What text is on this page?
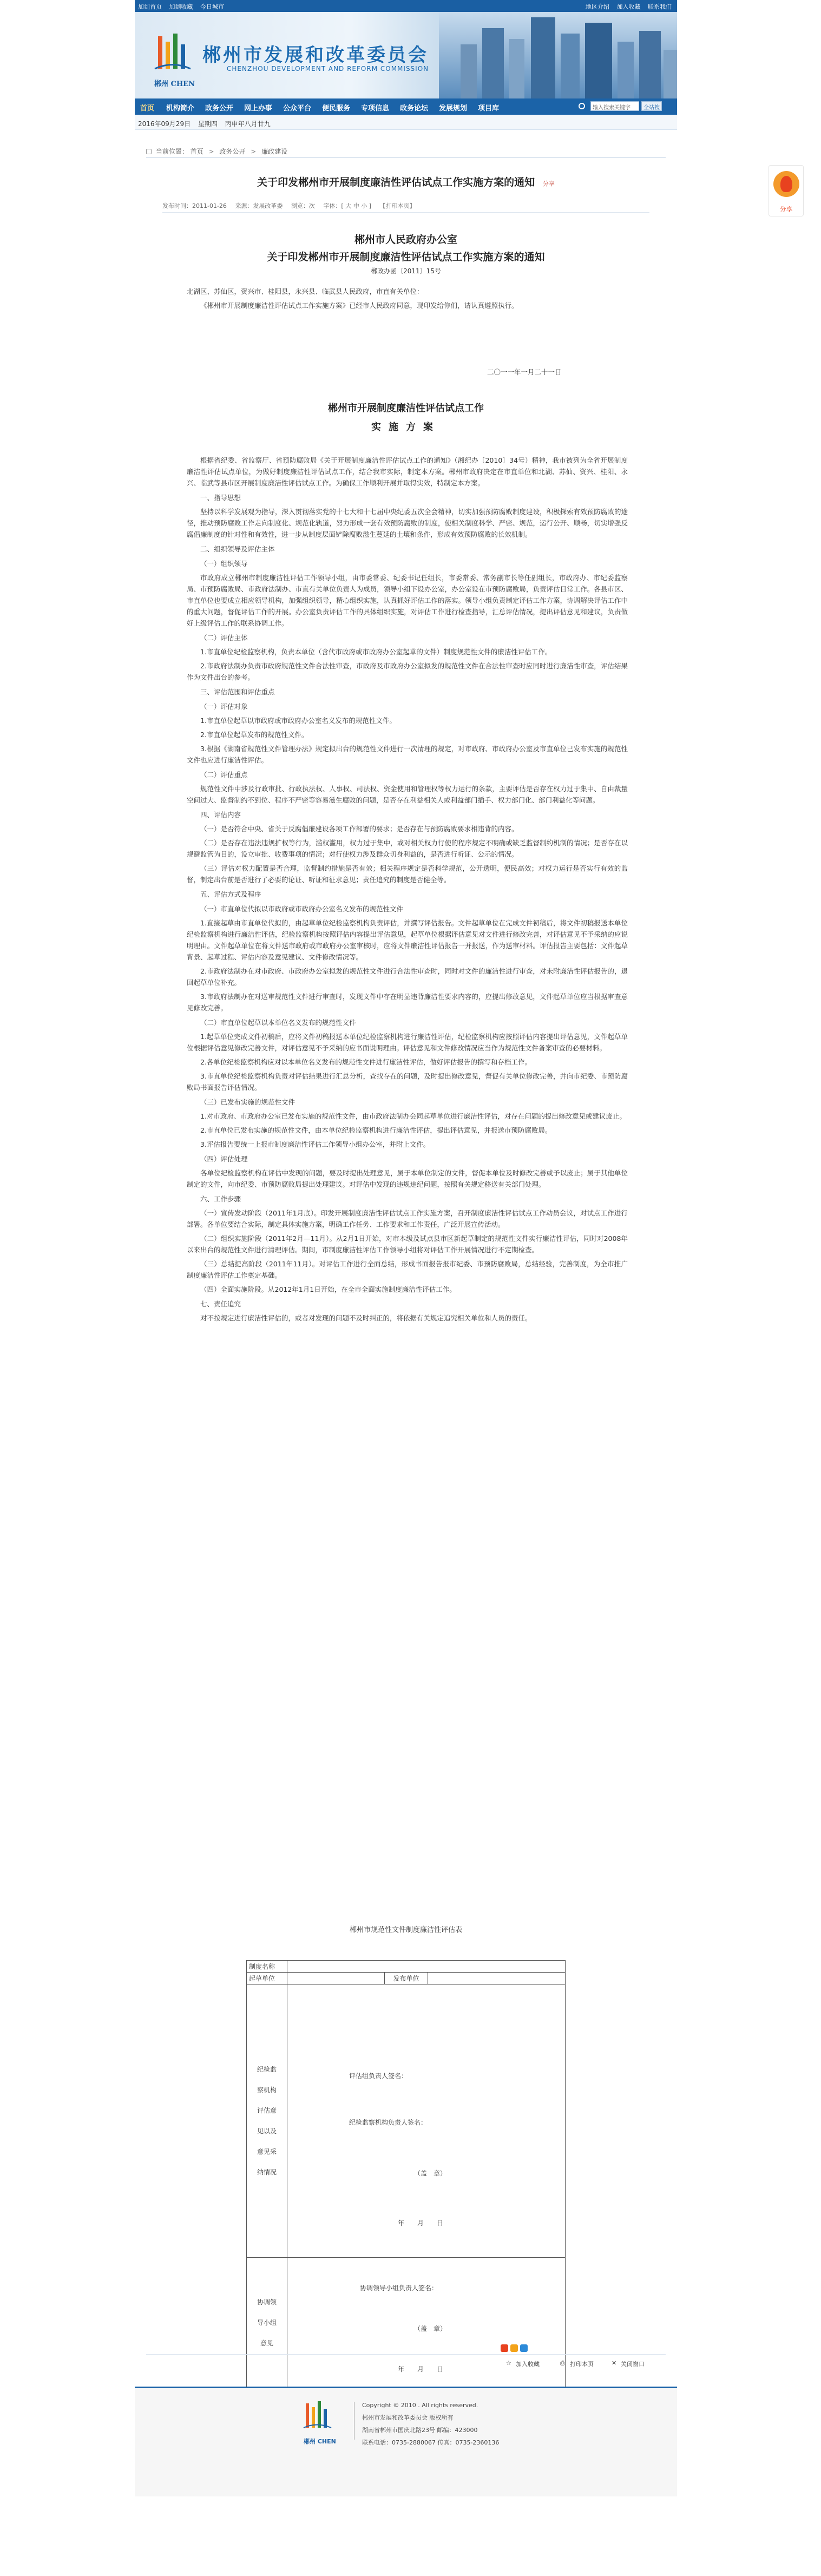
加到首页 加到收藏 今日城市	地区介绍 加入收藏 联系我们
郴州 CHEN
郴州市发展和改革委员会
CHENZHOU DEVELOPMENT AND REFORM COMMISSION
首页 机构简介 政务公开 网上办事 公众平台 便民服务 专项信息 政务论坛 发展规划 项目库	输入搜索关键字	全站搜
2016年09月29日 星期四 丙申年八月廿九
当前位置： 首页 > 政务公开 > 廉政建设
关于印发郴州市开展制度廉洁性评估试点工作实施方案的通知 分享
发布时间：2011-01-26 来源：发展改革委 浏览：次 字体：[ 大 中 小 ] 【打印本页】
郴州市人民政府办公室
关于印发郴州市开展制度廉洁性评估试点工作实施方案的通知
郴政办函〔2011〕15号

北湖区、苏仙区，资兴市、桂阳县，永兴县、临武县人民政府，市直有关单位：

《郴州市开展制度廉洁性评估试点工作实施方案》已经市人民政府同意，现印发给你们，请认真遵照执行。

二〇一一年一月二十一日
郴州市开展制度廉洁性评估试点工作
实施方案

根据省纪委、省监察厅、省预防腐败局《关于开展制度廉洁性评估试点工作的通知》（湘纪办〔2010〕34号）精神，我市被列为全省开展制度廉洁性评估试点单位，为做好制度廉洁性评估试点工作，结合我市实际，制定本方案。郴州市政府决定在市直单位和北湖、苏仙、资兴、桂阳、永兴、临武等县市区开展制度廉洁性评估试点工作。为确保工作顺利开展并取得实效，特制定本方案。

一、指导思想

坚持以科学发展观为指导，深入贯彻落实党的十七大和十七届中央纪委五次全会精神，切实加强预防腐败制度建设，积极探索有效预防腐败的途径，推动预防腐败工作走向制度化、规范化轨道，努力形成一套有效预防腐败的制度，使相关制度科学、严密、规范，运行公开、顺畅，切实增强反腐倡廉制度的针对性和有效性，进一步从制度层面铲除腐败滋生蔓延的土壤和条件，形成有效预防腐败的长效机制。

二、组织领导及评估主体

（一）组织领导

市政府成立郴州市制度廉洁性评估工作领导小组，由市委常委、纪委书记任组长，市委常委、常务副市长等任副组长，市政府办、市纪委监察局、市预防腐败局、市政府法制办、市直有关单位负责人为成员，领导小组下设办公室，办公室设在市预防腐败局，负责评估日常工作。各县市区、市直单位也要成立相应领导机构，加强组织领导，精心组织实施，认真抓好评估工作的落实。领导小组负责制定评估工作方案，协调解决评估工作中的重大问题，督促评估工作的开展。办公室负责评估工作的具体组织实施，对评估工作进行检查指导，汇总评估情况，提出评估意见和建议，负责做好上级评估工作的联系协调工作。

（二）评估主体

1.市直单位纪检监察机构，负责本单位（含代市政府或市政府办公室起草的文件）制度规范性文件的廉洁性评估工作。

2.市政府法制办负责市政府规范性文件合法性审查，市政府及市政府办公室拟发的规范性文件在合法性审查时应同时进行廉洁性审查，评估结果作为文件出台的参考。

三、评估范围和评估重点

（一）评估对象

1.市直单位起草以市政府或市政府办公室名义发布的规范性文件。

2.市直单位起草发布的规范性文件。

3.根据《湖南省规范性文件管理办法》规定拟出台的规范性文件进行一次清理的规定，对市政府、市政府办公室及市直单位已发布实施的规范性文件也应进行廉洁性评估。

（二）评估重点

规范性文件中涉及行政审批、行政执法权、人事权、司法权、资金使用和管理权等权力运行的条款，主要评估是否存在权力过于集中、自由裁量空间过大、监督制约不到位、程序不严密等容易滋生腐败的问题，是否存在利益相关人或利益部门插手、权力部门化、部门利益化等问题。

四、评估内容

（一）是否符合中央、省关于反腐倡廉建设各项工作部署的要求；是否存在与预防腐败要求相违背的内容。

（二）是否存在违法违规扩权等行为，滥权滥用，权力过于集中，或对相关权力行使的程序规定不明确或缺乏监督制约机制的情况；是否存在以规避监管为目的，设立审批、收费事项的情况；对行使权力涉及群众切身利益的，是否进行听证、公示的情况。

（三）评估对权力配置是否合理，监督制约措施是否有效；相关程序规定是否科学规范，公开透明，便民高效；对权力运行是否实行有效的监督，制定出台前是否进行了必要的论证、听证和征求意见；责任追究的制度是否健全等。

五、评估方式及程序

（一）市直单位代拟以市政府或市政府办公室名义发布的规范性文件

1.直接起草由市直单位代拟的，由起草单位纪检监察机构负责评估，并撰写评估报告。文件起草单位在完成文件初稿后，将文件初稿报送本单位纪检监察机构进行廉洁性评估，纪检监察机构按照评估内容提出评估意见，起草单位根据评估意见对文件进行修改完善，对评估意见不予采纳的应说明理由。文件起草单位在将文件送市政府或市政府办公室审核时，应将文件廉洁性评估报告一并报送，作为送审材料。评估报告主要包括：文件起草背景、起草过程、评估内容及意见建议、文件修改情况等。

2.市政府法制办在对市政府、市政府办公室拟发的规范性文件进行合法性审查时，同时对文件的廉洁性进行审查，对未附廉洁性评估报告的，退回起草单位补充。

3.市政府法制办在对送审规范性文件进行审查时，发现文件中存在明显违背廉洁性要求内容的，应提出修改意见，文件起草单位应当根据审查意见修改完善。

（二）市直单位起草以本单位名义发布的规范性文件

1.起草单位完成文件初稿后，应将文件初稿报送本单位纪检监察机构进行廉洁性评估，纪检监察机构应按照评估内容提出评估意见，文件起草单位根据评估意见修改完善文件，对评估意见不予采纳的应书面说明理由。评估意见和文件修改情况应当作为规范性文件备案审查的必要材料。

2.各单位纪检监察机构应对以本单位名义发布的规范性文件进行廉洁性评估，做好评估报告的撰写和存档工作。

3.市直单位纪检监察机构负责对评估结果进行汇总分析，查找存在的问题，及时提出修改意见，督促有关单位修改完善，并向市纪委、市预防腐败局书面报告评估情况。

（三）已发布实施的规范性文件

1.对市政府、市政府办公室已发布实施的规范性文件，由市政府法制办会同起草单位进行廉洁性评估，对存在问题的提出修改意见或建议废止。

2.市直单位已发布实施的规范性文件，由本单位纪检监察机构进行廉洁性评估，提出评估意见，并报送市预防腐败局。

3.评估报告要统一上报市制度廉洁性评估工作领导小组办公室，并附上文件。

（四）评估处理

各单位纪检监察机构在评估中发现的问题，要及时提出处理意见，属于本单位制定的文件，督促本单位及时修改完善或予以废止；属于其他单位制定的文件，向市纪委、市预防腐败局提出处理建议。对评估中发现的违规违纪问题，按照有关规定移送有关部门处理。

六、工作步骤

（一）宣传发动阶段（2011年1月底）。印发开展制度廉洁性评估试点工作实施方案，召开制度廉洁性评估试点工作动员会议，对试点工作进行部署。各单位要结合实际，制定具体实施方案，明确工作任务、工作要求和工作责任，广泛开展宣传活动。

（二）组织实施阶段（2011年2月—11月）。从2月1日开始，对市本级及试点县市区新起草制定的规范性文件实行廉洁性评估，同时对2008年以来出台的规范性文件进行清理评估。期间，市制度廉洁性评估工作领导小组将对评估工作开展情况进行不定期检查。

（三）总结提高阶段（2011年11月）。对评估工作进行全面总结，形成书面报告报市纪委、市预防腐败局，总结经验，完善制度，为全市推广制度廉洁性评估工作奠定基础。

（四）全面实施阶段。从2012年1月1日开始，在全市全面实施制度廉洁性评估工作。

七、责任追究

对不按规定进行廉洁性评估的，或者对发现的问题不及时纠正的，将依据有关规定追究相关单位和人员的责任。

郴州市规范性文件制度廉洁性评估表
制度名称			
起草单位		发布单位	

纪检监察机构评估意见以及意见采纳情况	评估组负责人签名：
纪检监察机构负责人签名：
（盖　章）
年　　月　　日		

协调领导小组意见	协调领导小组负责人签名：
（盖　章）
年　　月　　日		
☆ 加入收藏	⎙ 打印本页	✕ 关闭窗口
郴州 CHEN
Copyright © 2010 . All rights reserved.
郴州市发展和改革委员会 版权所有
湖南省郴州市国庆北路23号 邮编：423000
联系电话：0735-2880067 传真：0735-2360136
分享
